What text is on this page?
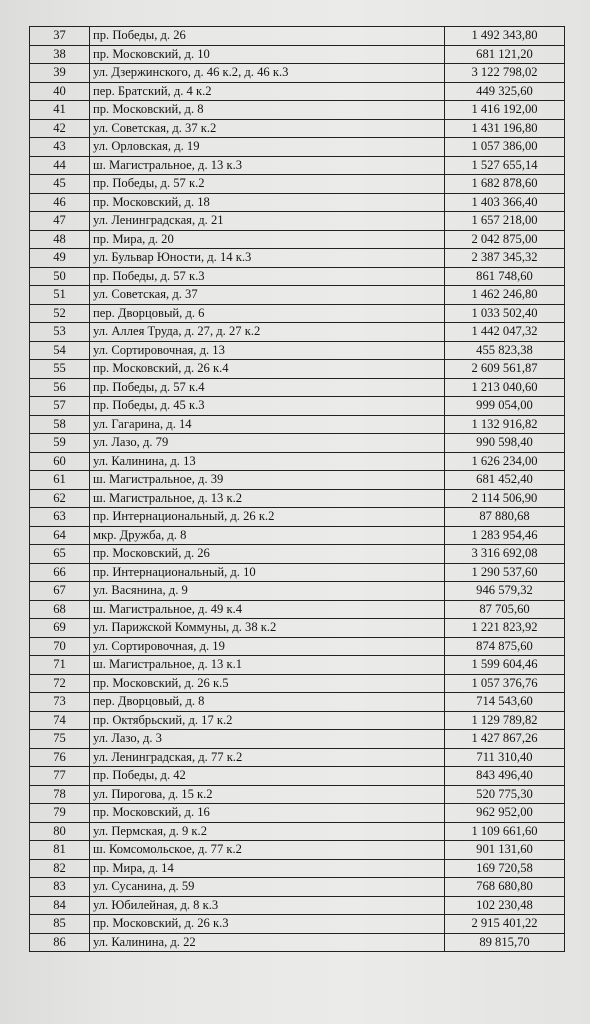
37	пр. Победы, д. 26	1 492 343,80
38	пр. Московский, д. 10	681 121,20
39	ул. Дзержинского, д. 46 к.2, д. 46 к.3	3 122 798,02
40	пер. Братский, д. 4 к.2	449 325,60
41	пр. Московский, д. 8	1 416 192,00
42	ул. Советская, д. 37 к.2	1 431 196,80
43	ул. Орловская, д. 19	1 057 386,00
44	ш. Магистральное, д. 13 к.3	1 527 655,14
45	пр. Победы, д. 57 к.2	1 682 878,60
46	пр. Московский, д. 18	1 403 366,40
47	ул. Ленинградская, д. 21	1 657 218,00
48	пр. Мира, д. 20	2 042 875,00
49	ул. Бульвар Юности, д. 14 к.3	2 387 345,32
50	пр. Победы, д. 57 к.3	861 748,60
51	ул. Советская, д. 37	1 462 246,80
52	пер. Дворцовый, д. 6	1 033 502,40
53	ул. Аллея Труда, д. 27, д. 27 к.2	1 442 047,32
54	ул. Сортировочная, д. 13	455 823,38
55	пр. Московский, д. 26 к.4	2 609 561,87
56	пр. Победы, д. 57 к.4	1 213 040,60
57	пр. Победы, д. 45 к.3	999 054,00
58	ул. Гагарина, д. 14	1 132 916,82
59	ул. Лазо, д. 79	990 598,40
60	ул. Калинина, д. 13	1 626 234,00
61	ш. Магистральное, д. 39	681 452,40
62	ш. Магистральное, д. 13 к.2	2 114 506,90
63	пр. Интернациональный, д. 26 к.2	87 880,68
64	мкр. Дружба, д. 8	1 283 954,46
65	пр. Московский, д. 26	3 316 692,08
66	пр. Интернациональный, д. 10	1 290 537,60
67	ул. Васянина, д. 9	946 579,32
68	ш. Магистральное, д. 49 к.4	87 705,60
69	ул. Парижской Коммуны, д. 38 к.2	1 221 823,92
70	ул. Сортировочная, д. 19	874 875,60
71	ш. Магистральное, д. 13 к.1	1 599 604,46
72	пр. Московский, д. 26 к.5	1 057 376,76
73	пер. Дворцовый, д. 8	714 543,60
74	пр. Октябрьский, д. 17 к.2	1 129 789,82
75	ул. Лазо, д. 3	1 427 867,26
76	ул. Ленинградская, д. 77 к.2	711 310,40
77	пр. Победы, д. 42	843 496,40
78	ул. Пирогова, д. 15 к.2	520 775,30
79	пр. Московский, д. 16	962 952,00
80	ул. Пермская, д. 9 к.2	1 109 661,60
81	ш. Комсомольское, д. 77 к.2	901 131,60
82	пр. Мира, д. 14	169 720,58
83	ул. Сусанина, д. 59	768 680,80
84	ул. Юбилейная, д. 8 к.3	102 230,48
85	пр. Московский, д. 26 к.3	2 915 401,22
86	ул. Калинина, д. 22	89 815,70
